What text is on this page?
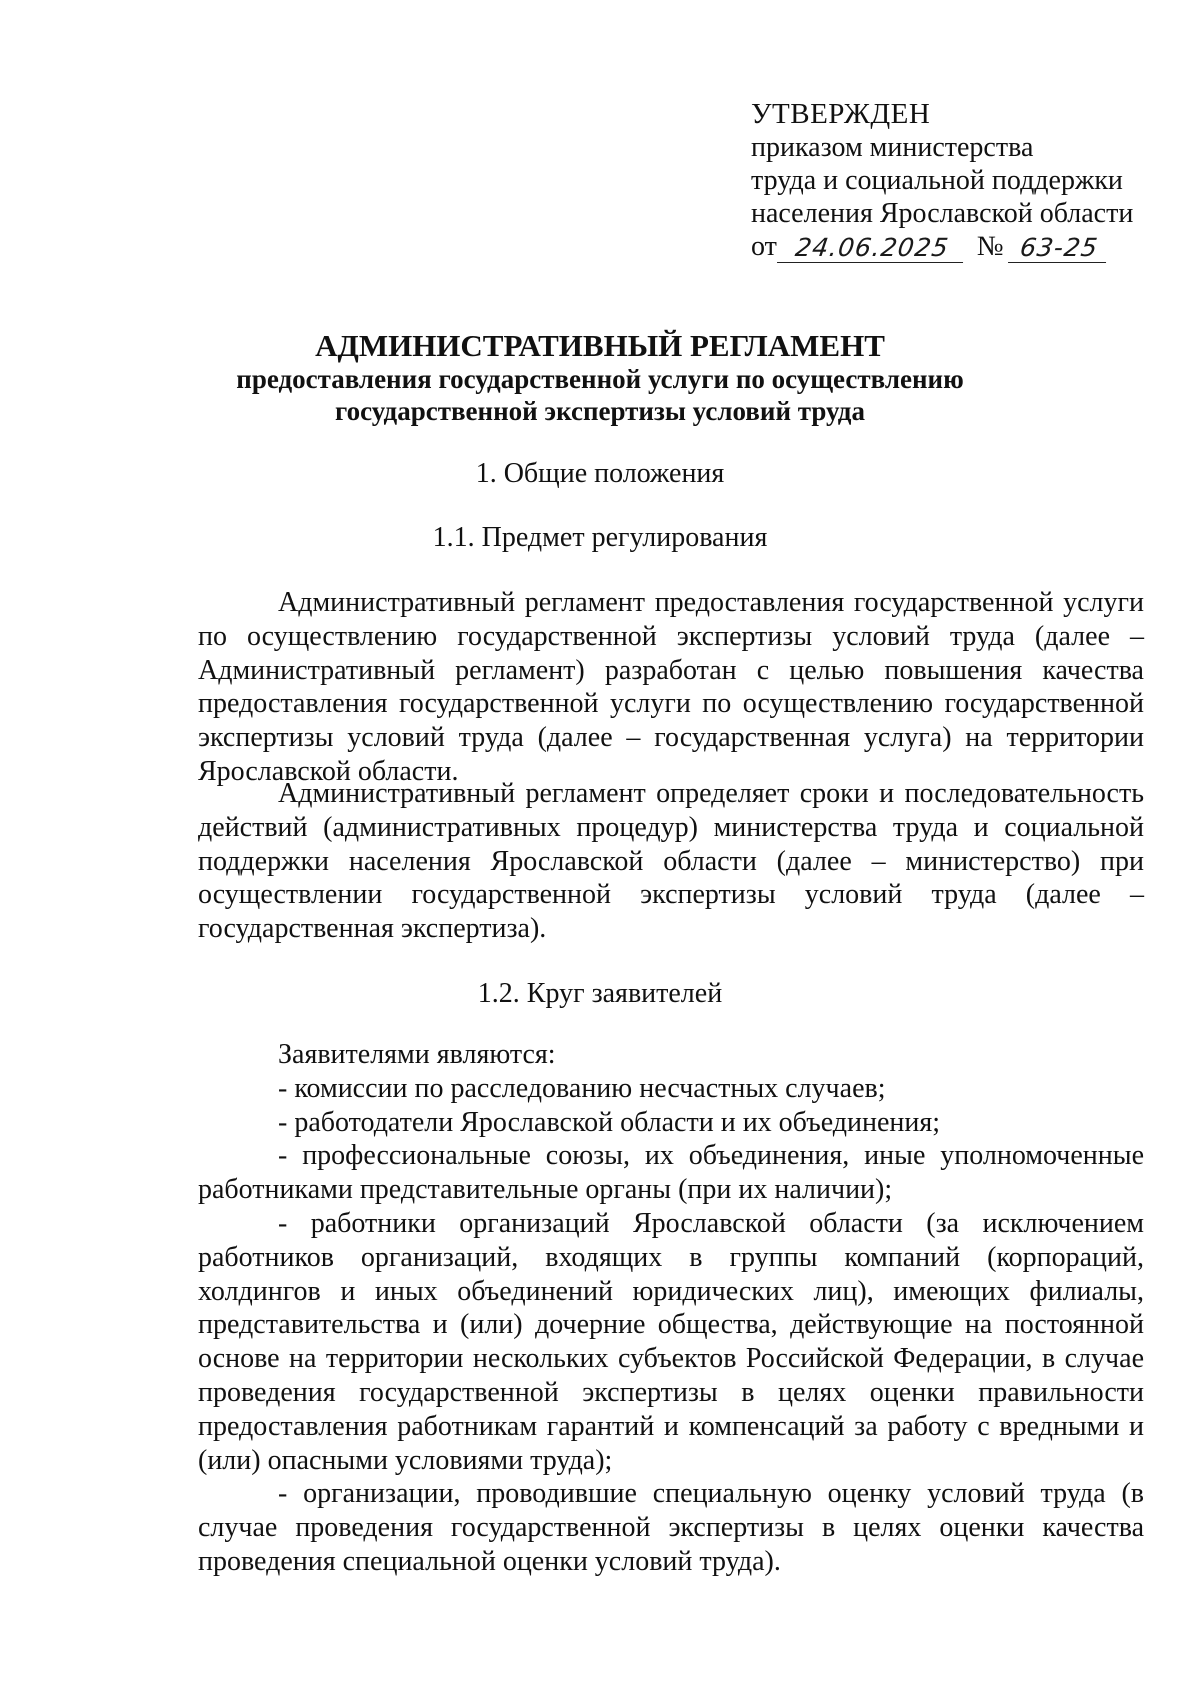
УТВЕРЖДЕН
приказом министерства
труда и социальной поддержки
населения Ярославской области
от 24.06.2025 № 63-25
АДМИНИСТРАТИВНЫЙ РЕГЛАМЕНТ
предоставления государственной услуги по осуществлению
государственной экспертизы условий труда
1. Общие положения
1.1. Предмет регулирования
Административный регламент предоставления государственной услуги по осуществлению государственной экспертизы условий труда (далее – Административный регламент) разработан с целью повышения качества предоставления государственной услуги по осуществлению государственной экспертизы условий труда (далее – государственная услуга) на территории Ярославской области.
Административный регламент определяет сроки и последовательность действий (административных процедур) министерства труда и социальной поддержки населения Ярославской области (далее – министерство) при осуществлении государственной экспертизы условий труда (далее – государственная экспертиза).
1.2. Круг заявителей
Заявителями являются:
- комиссии по расследованию несчастных случаев;
- работодатели Ярославской области и их объединения;
- профессиональные союзы, их объединения, иные уполномоченные работниками представительные органы (при их наличии);
- работники организаций Ярославской области (за исключением работников организаций, входящих в группы компаний (корпораций, холдингов и иных объединений юридических лиц), имеющих филиалы, представительства и (или) дочерние общества, действующие на постоянной основе на территории нескольких субъектов Российской Федерации, в случае проведения государственной экспертизы в целях оценки правильности предоставления работникам гарантий и компенсаций за работу с вредными и (или) опасными условиями труда);
- организации, проводившие специальную оценку условий труда (в случае проведения государственной экспертизы в целях оценки качества проведения специальной оценки условий труда).
